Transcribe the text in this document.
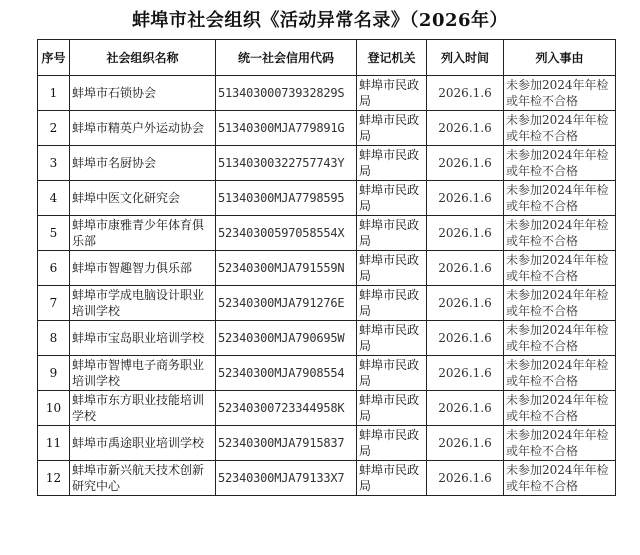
蚌埠市社会组织《活动异常名录》（2026年）
序号	社会组织名称	统一社会信用代码	登记机关	列入时间	列入事由
1	蚌埠市石锁协会	51340300073932829S	蚌埠市民政局	2026.1.6	未参加2024年年检或年检不合格
2	蚌埠市精英户外运动协会	51340300MJA779891G	蚌埠市民政局	2026.1.6	未参加2024年年检或年检不合格
3	蚌埠市名厨协会	51340300322757743Y	蚌埠市民政局	2026.1.6	未参加2024年年检或年检不合格
4	蚌埠中医文化研究会	51340300MJA7798595	蚌埠市民政局	2026.1.6	未参加2024年年检或年检不合格
5	蚌埠市康雅青少年体育俱乐部	52340300597058554X	蚌埠市民政局	2026.1.6	未参加2024年年检或年检不合格
6	蚌埠市智趣智力俱乐部	52340300MJA791559N	蚌埠市民政局	2026.1.6	未参加2024年年检或年检不合格
7	蚌埠市学成电脑设计职业培训学校	52340300MJA791276E	蚌埠市民政局	2026.1.6	未参加2024年年检或年检不合格
8	蚌埠市宝岛职业培训学校	52340300MJA790695W	蚌埠市民政局	2026.1.6	未参加2024年年检或年检不合格
9	蚌埠市智博电子商务职业培训学校	52340300MJA7908554	蚌埠市民政局	2026.1.6	未参加2024年年检或年检不合格
10	蚌埠市东方职业技能培训学校	52340300723344958K	蚌埠市民政局	2026.1.6	未参加2024年年检或年检不合格
11	蚌埠市禹途职业培训学校	52340300MJA7915837	蚌埠市民政局	2026.1.6	未参加2024年年检或年检不合格
12	蚌埠市新兴航天技术创新研究中心	52340300MJA79133X7	蚌埠市民政局	2026.1.6	未参加2024年年检或年检不合格
